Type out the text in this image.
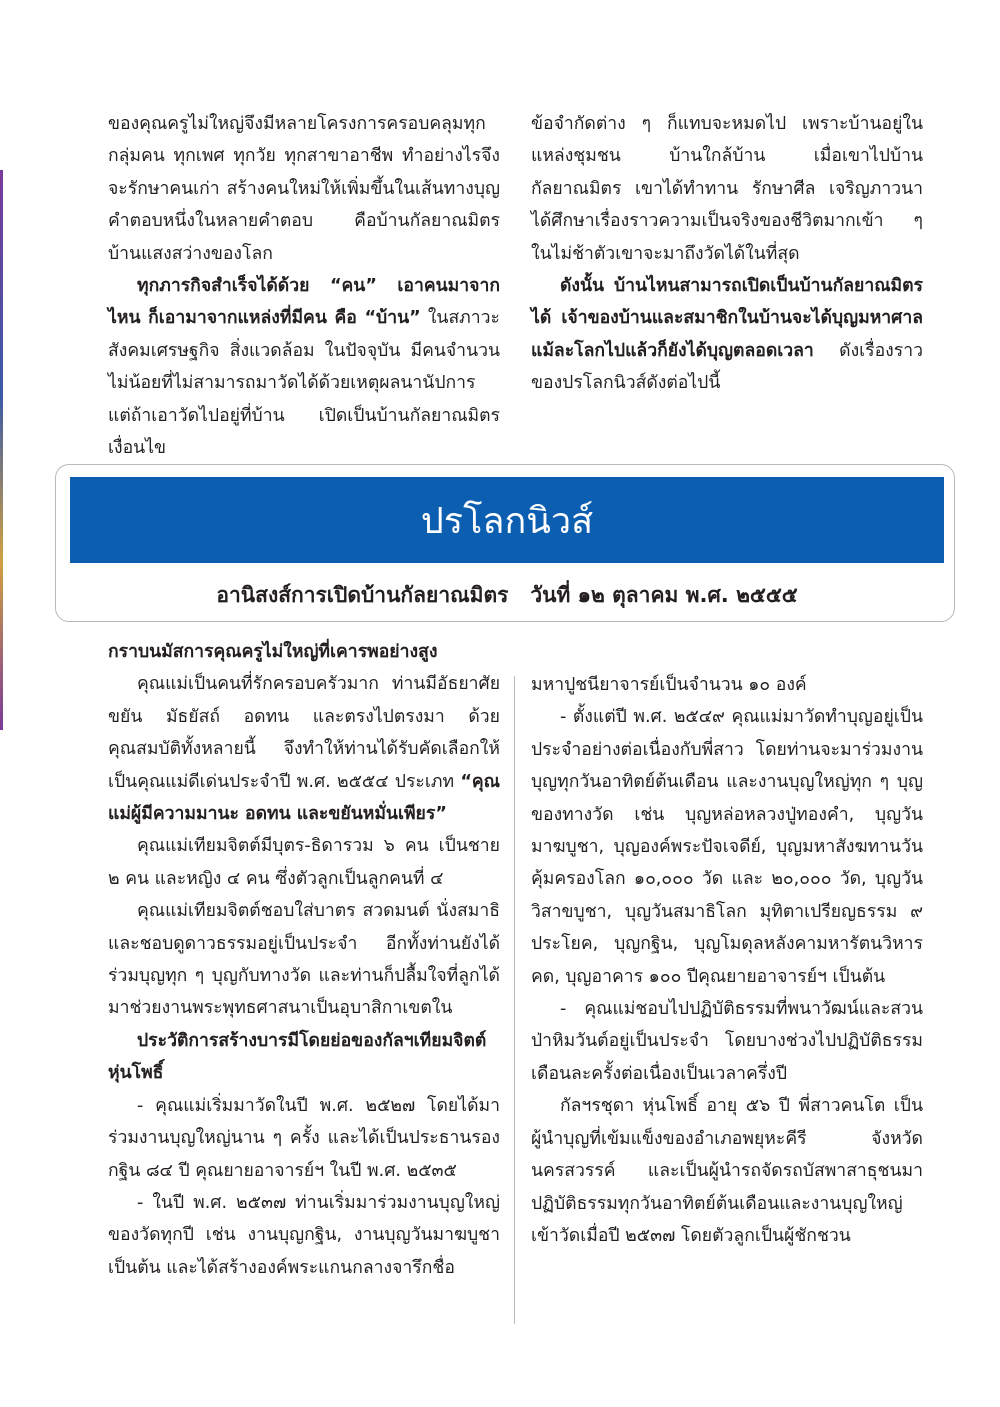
ของคุณครูไม่ใหญ่จึงมีหลายโครงการครอบคลุมทุกกลุ่มคน ทุกเพศ ทุกวัย ทุกสาขาอาชีพ ทำอย่างไรจึงจะรักษาคนเก่า สร้างคนใหม่ให้เพิ่มขึ้นในเส้นทางบุญ คำตอบหนึ่งในหลายคำตอบ คือบ้านกัลยาณมิตร บ้านแสงสว่างของโลก

ทุกภารกิจสำเร็จได้ด้วย “คน” เอาคนมาจากไหน ก็เอามาจากแหล่งที่มีคน คือ “บ้าน” ในสภาวะสังคมเศรษฐกิจ สิ่งแวดล้อม ในปัจจุบัน มีคนจำนวนไม่น้อยที่ไม่สามารถมาวัดได้ด้วยเหตุผลนานัปการ แต่ถ้าเอาวัดไปอยู่ที่บ้าน เปิดเป็นบ้านกัลยาณมิตร เงื่อนไข

ข้อจำกัดต่าง ๆ ก็แทบจะหมดไป เพราะบ้านอยู่ในแหล่งชุมชน บ้านใกล้บ้าน เมื่อเขาไปบ้านกัลยาณมิตร เขาได้ทำทาน รักษาศีล เจริญภาวนา ได้ศึกษาเรื่องราวความเป็นจริงของชีวิตมากเข้า ๆ ในไม่ช้าตัวเขาจะมาถึงวัดได้ในที่สุด

ดังนั้น บ้านไหนสามารถเปิดเป็นบ้านกัลยาณมิตรได้ เจ้าของบ้านและสมาชิกในบ้านจะได้บุญมหาศาล แม้ละโลกไปแล้วก็ยังได้บุญตลอดเวลา ดังเรื่องราวของปรโลกนิวส์ดังต่อไปนี้

ปรโลกนิวส์
อานิสงส์การเปิดบ้านกัลยาณมิตร วันที่ ๑๒ ตุลาคม พ.ศ. ๒๕๕๕

กราบนมัสการคุณครูไม่ใหญ่ที่เคารพอย่างสูง

คุณแม่เป็นคนที่รักครอบครัวมาก ท่านมีอัธยาศัยขยัน มัธยัสถ์ อดทน และตรงไปตรงมา ด้วยคุณสมบัติทั้งหลายนี้ จึงทำให้ท่านได้รับคัดเลือกให้เป็นคุณแม่ดีเด่นประจำปี พ.ศ. ๒๕๕๔ ประเภท “คุณแม่ผู้มีความมานะ อดทน และขยันหมั่นเพียร”

คุณแม่เทียมจิตต์มีบุตร-ธิดารวม ๖ คน เป็นชาย ๒ คน และหญิง ๔ คน ซึ่งตัวลูกเป็นลูกคนที่ ๔

คุณแม่เทียมจิตต์ชอบใส่บาตร สวดมนต์ นั่งสมาธิ และชอบดูดาวธรรมอยู่เป็นประจำ อีกทั้งท่านยังได้ร่วมบุญทุก ๆ บุญกับทางวัด และท่านก็ปลื้มใจที่ลูกได้มาช่วยงานพระพุทธศาสนาเป็นอุบาสิกาเขตใน

ประวัติการสร้างบารมีโดยย่อของกัลฯเทียมจิตต์ หุ่นโพธิ์

- คุณแม่เริ่มมาวัดในปี พ.ศ. ๒๕๒๗ โดยได้มาร่วมงานบุญใหญ่นาน ๆ ครั้ง และได้เป็นประธานรองกฐิน ๘๔ ปี คุณยายอาจารย์ฯ ในปี พ.ศ. ๒๕๓๕

- ในปี พ.ศ. ๒๕๓๗ ท่านเริ่มมาร่วมงานบุญใหญ่ของวัดทุกปี เช่น งานบุญกฐิน, งานบุญวันมาฆบูชา เป็นต้น และได้สร้างองค์พระแกนกลางจารึกชื่อ

มหาปูชนียาจารย์เป็นจำนวน ๑๐ องค์

- ตั้งแต่ปี พ.ศ. ๒๕๔๙ คุณแม่มาวัดทำบุญอยู่เป็นประจำอย่างต่อเนื่องกับพี่สาว โดยท่านจะมาร่วมงานบุญทุกวันอาทิตย์ต้นเดือน และงานบุญใหญ่ทุก ๆ บุญของทางวัด เช่น บุญหล่อหลวงปู่ทองคำ, บุญวันมาฆบูชา, บุญองค์พระปัจเจดีย์, บุญมหาสังฆทานวันคุ้มครองโลก ๑๐,๐๐๐ วัด และ ๒๐,๐๐๐ วัด, บุญวันวิสาขบูชา, บุญวันสมาธิโลก มุทิตาเปรียญธรรม ๙ ประโยค, บุญกฐิน, บุญโมดุลหลังคามหารัตนวิหารคด, บุญอาคาร ๑๐๐ ปีคุณยายอาจารย์ฯ เป็นต้น

- คุณแม่ชอบไปปฏิบัติธรรมที่พนาวัฒน์และสวนป่าหิมวันต์อยู่เป็นประจำ โดยบางช่วงไปปฏิบัติธรรมเดือนละครั้งต่อเนื่องเป็นเวลาครึ่งปี

กัลฯรชุดา หุ่นโพธิ์ อายุ ๕๖ ปี พี่สาวคนโต เป็นผู้นำบุญที่เข้มแข็งของอำเภอพยุหะคีรี จังหวัดนครสวรรค์ และเป็นผู้นำรถจัดรถบัสพาสาธุชนมาปฏิบัติธรรมทุกวันอาทิตย์ต้นเดือนและงานบุญใหญ่เข้าวัดเมื่อปี ๒๕๓๗ โดยตัวลูกเป็นผู้ชักชวน
